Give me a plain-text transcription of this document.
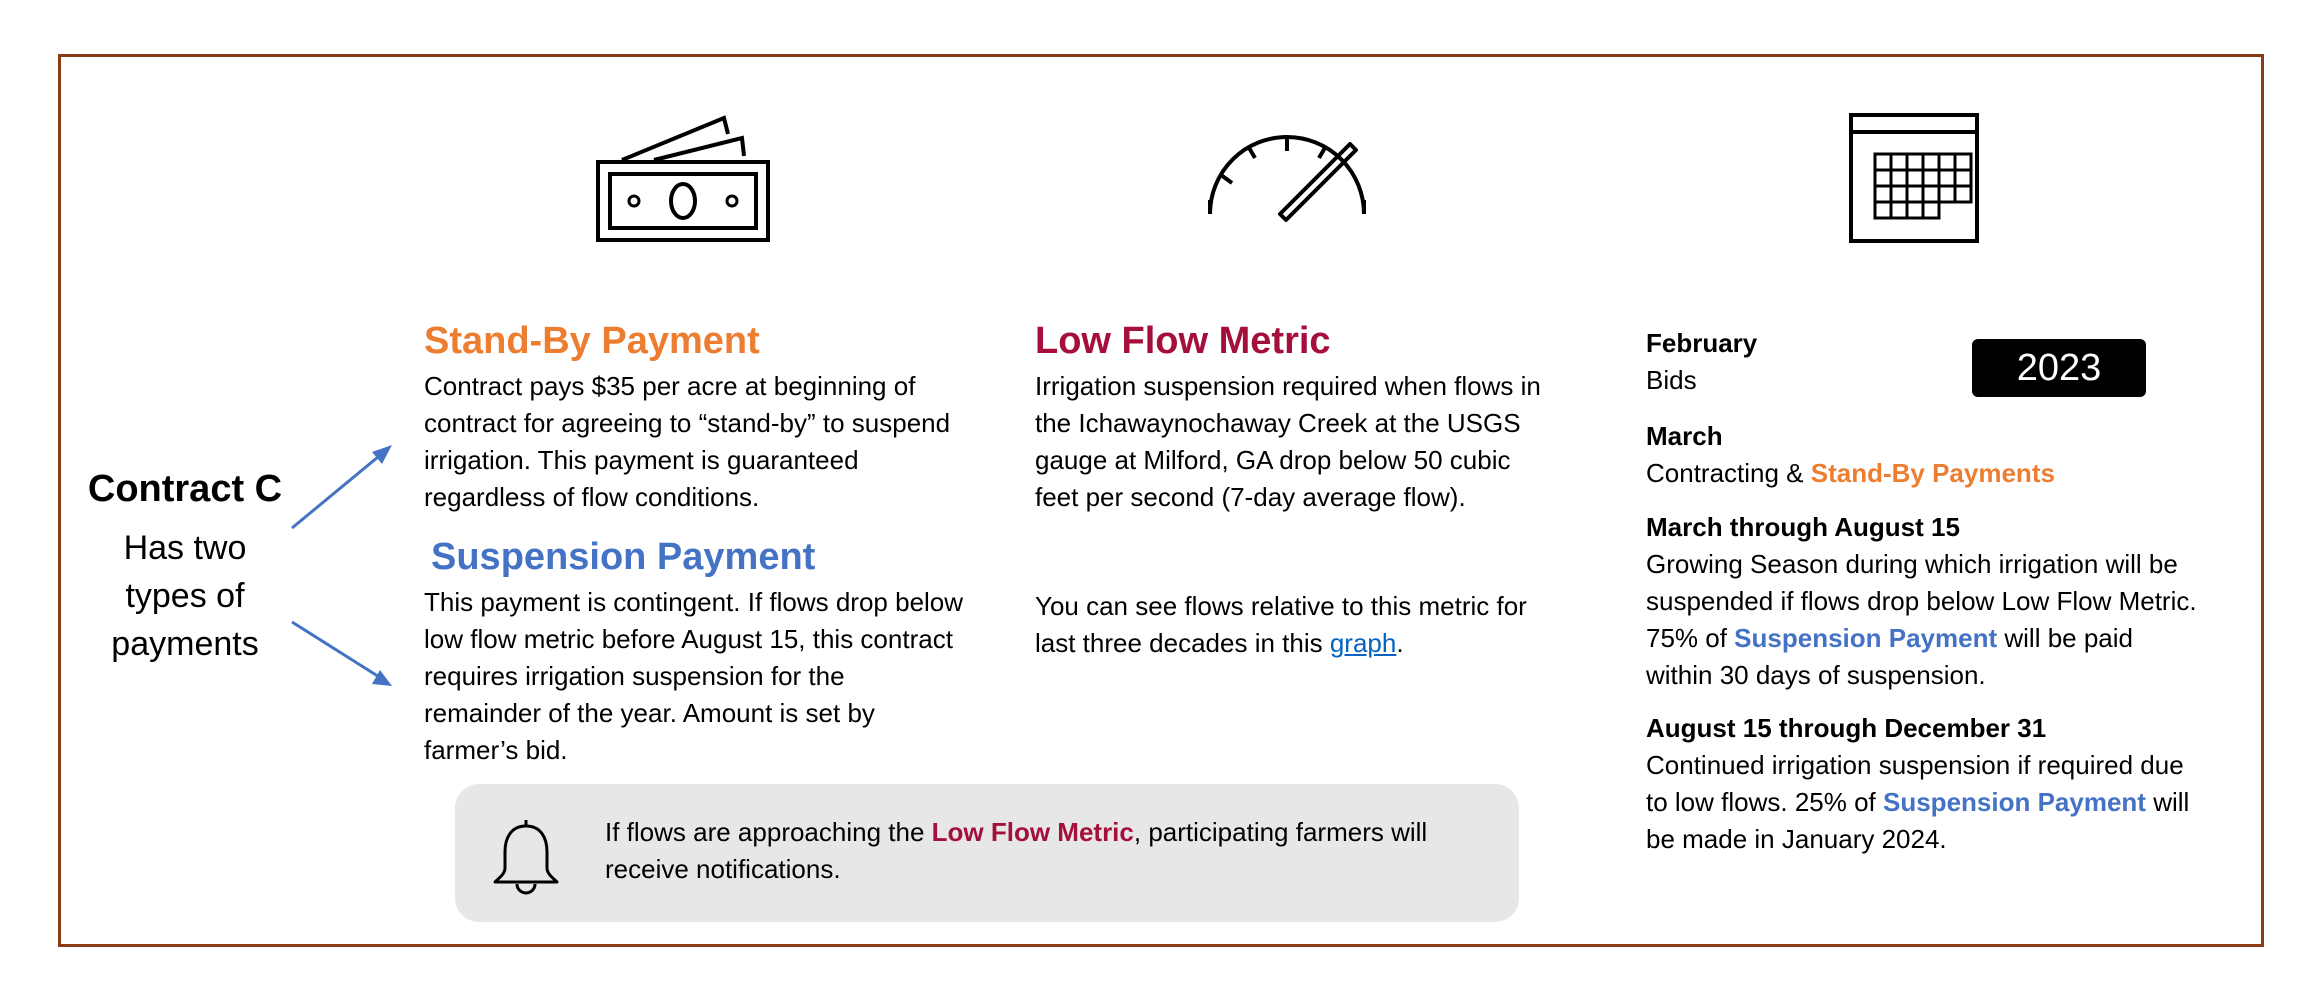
Contract C
Has two
types of
payments
Stand-By Payment
Contract pays $35 per acre at beginning of contract for agreeing to “stand-by” to suspend irrigation. This payment is guaranteed regardless of flow conditions.
Suspension Payment
This payment is contingent. If flows drop below low flow metric before August 15, this contract requires irrigation suspension for the remainder of the year. Amount is set by farmer’s bid.
Low Flow Metric
Irrigation suspension required when flows in the Ichawaynochaway Creek at the USGS gauge at Milford, GA drop below 50 cubic feet per second (7-day average flow).
You can see flows relative to this metric for last three decades in this graph.
If flows are approaching the Low Flow Metric, participating farmers will receive notifications.
2023
February
Bids
March
Contracting & Stand-By Payments
March through August 15
Growing Season during which irrigation will be suspended if flows drop below Low Flow Metric. 75% of Suspension Payment will be paid within 30 days of suspension.
August 15 through December 31
Continued irrigation suspension if required due to low flows. 25% of Suspension Payment will be made in January 2024.
